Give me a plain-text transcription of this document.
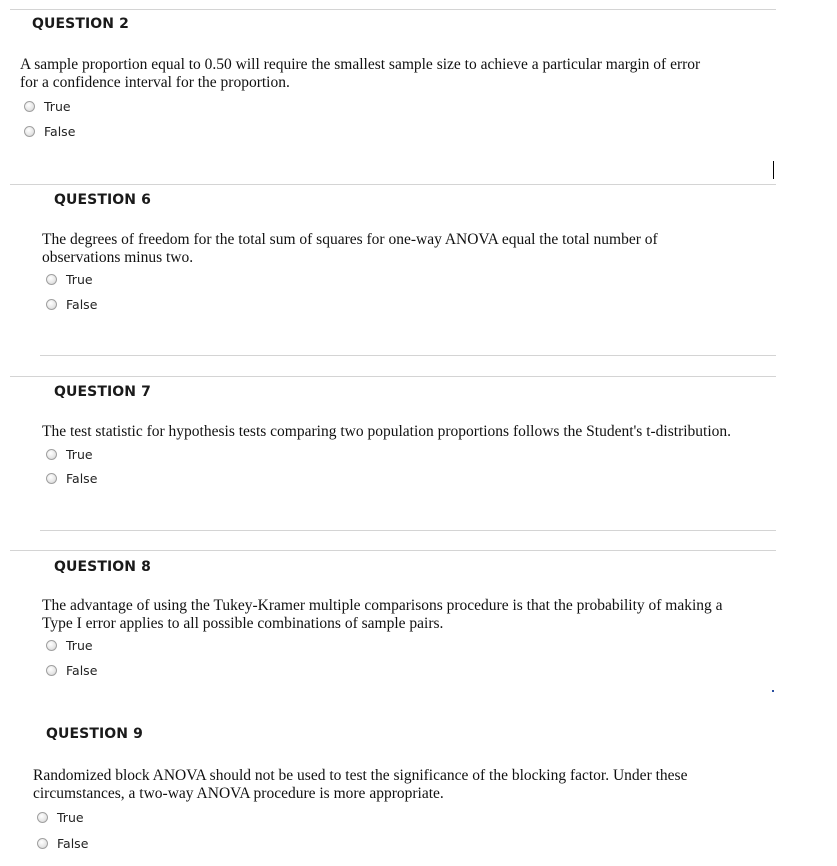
QUESTION 2
A sample proportion equal to 0.50 will require the smallest sample size to achieve a particular margin of error
for a confidence interval for the proportion.
True
False
QUESTION 6
The degrees of freedom for the total sum of squares for one-way ANOVA equal the total number of
observations minus two.
True
False
QUESTION 7
The test statistic for hypothesis tests comparing two population proportions follows the Student's t-distribution.
True
False
QUESTION 8
The advantage of using the Tukey-Kramer multiple comparisons procedure is that the probability of making a
Type I error applies to all possible combinations of sample pairs.
True
False
QUESTION 9
Randomized block ANOVA should not be used to test the significance of the blocking factor. Under these
circumstances, a two-way ANOVA procedure is more appropriate.
True
False
